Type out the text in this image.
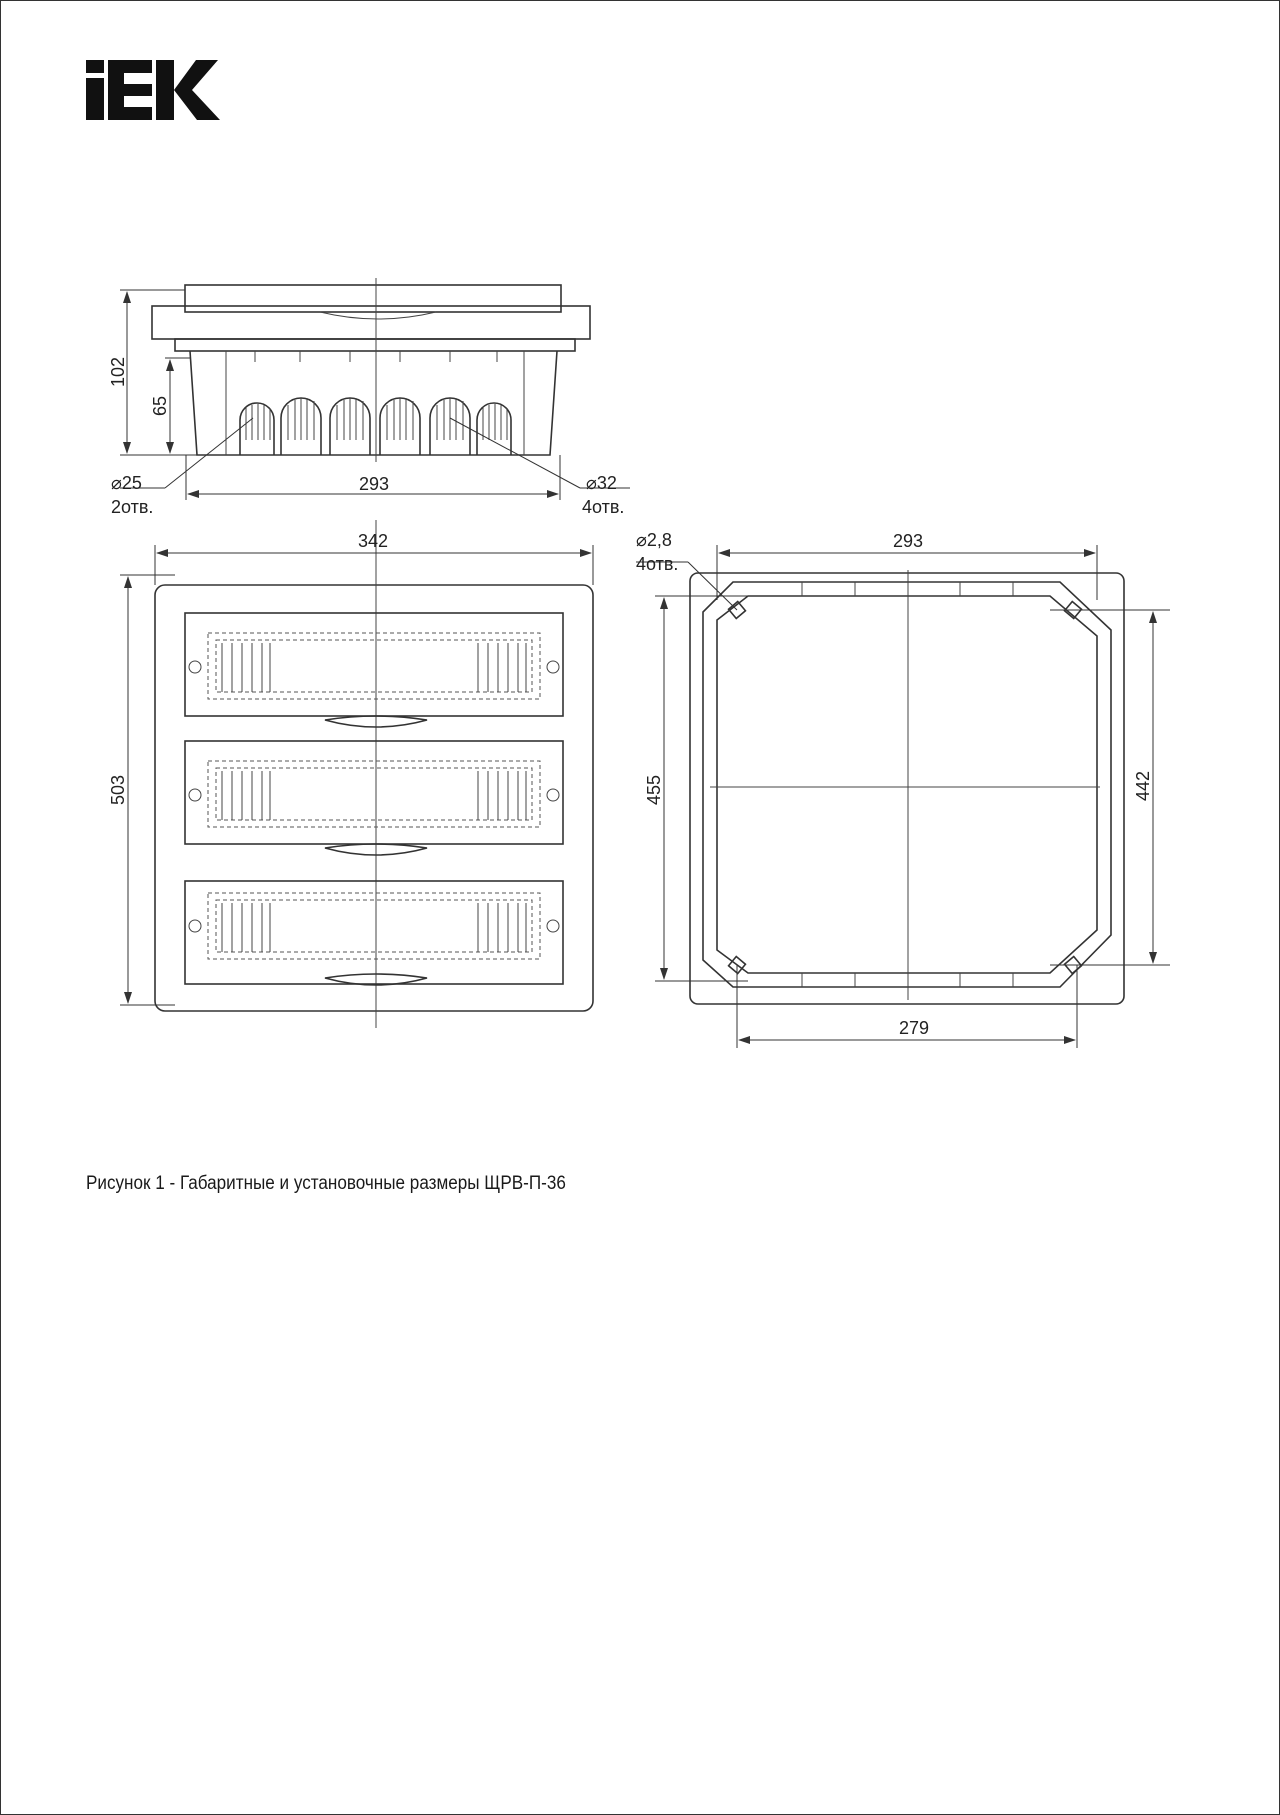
102
65
293
⌀25
2отв.
⌀32
4отв.
342
503
293
279
455	442
⌀2,8
4отв.
Рисунок 1 - Габаритные и установочные размеры ЩРВ-П-36
